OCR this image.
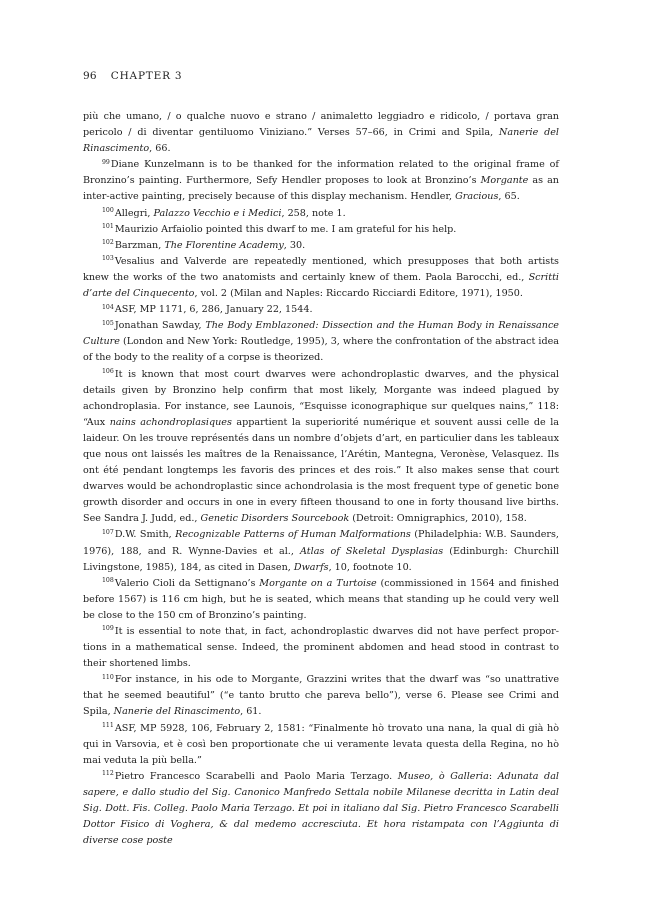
96 CHAPTER 3

più che umano, / o qualche nuovo e strano / animaletto leggiadro e ridicolo, / portava gran pericolo / di diventar gentiluomo Viniziano.” Verses 57–66, in Crimi and Spila, Nanerie del Rinascimento, 66.

$^{99}$Diane Kunzelmann is to be thanked for the information related to the original frame of Bronzino’s painting. Furthermore, Sefy Hendler proposes to look at Bronzino’s Morgante as an inter-active painting, precisely because of this display mechanism. Hendler, Gracious, 65.

$^{100}$Allegri, Palazzo Vecchio e i Medici, 258, note 1.

$^{101}$Maurizio Arfaiolio pointed this dwarf to me. I am grateful for his help.

$^{102}$Barzman, The Florentine Academy, 30.

$^{103}$Vesalius and Valverde are repeatedly mentioned, which presupposes that both artists knew the works of the two anatomists and certainly knew of them. Paola Barocchi, ed., Scritti d’arte del Cinquecento, vol. 2 (Milan and Naples: Riccardo Ricciardi Editore, 1971), 1950.

$^{104}$ASF, MP 1171, 6, 286, January 22, 1544.

$^{105}$Jonathan Sawday, The Body Emblazoned: Dissection and the Human Body in Renaissance Culture (London and New York: Routledge, 1995), 3, where the confrontation of the abstract idea of the body to the reality of a corpse is theorized.

$^{106}$It is known that most court dwarves were achondroplastic dwarves, and the physical details given by Bronzino help confirm that most likely, Morgante was indeed plagued by achondroplasia. For instance, see Launois, “Esquisse iconographique sur quelques nains,” 118: “Aux nains achondroplasiques appartient la superiorité numérique et souvent aussi celle de la laideur. On les trouve représentés dans un nombre d’objets d’art, en particulier dans les tableaux que nous ont laissés les maîtres de la Renaissance, l’Arétin, Mantegna, Veronèse, Velasquez. Ils ont été pendant longtemps les favoris des princes et des rois.” It also makes sense that court dwarves would be achondroplastic since achondrolasia is the most frequent type of genetic bone growth disorder and occurs in one in every fifteen thousand to one in forty thousand live births. See Sandra J. Judd, ed., Genetic Disorders Sourcebook (Detroit: Omnigraphics, 2010), 158.

$^{107}$D.W. Smith, Recognizable Patterns of Human Malformations (Philadelphia: W.B. Saunders, 1976), 188, and R. Wynne-Davies et al., Atlas of Skeletal Dysplasias (Edinburgh: Churchill Livingstone, 1985), 184, as cited in Dasen, Dwarfs, 10, footnote 10.

$^{108}$Valerio Cioli da Settignano’s Morgante on a Turtoise (commissioned in 1564 and finished before 1567) is 116 cm high, but he is seated, which means that standing up he could very well be close to the 150 cm of Bronzino’s painting.

$^{109}$It is essential to note that, in fact, achondroplastic dwarves did not have perfect proportions in a mathematical sense. Indeed, the prominent abdomen and head stood in contrast to their shortened limbs.

$^{110}$For instance, in his ode to Morgante, Grazzini writes that the dwarf was “so unattrative that he seemed beautiful” (“e tanto brutto che pareva bello”), verse 6. Please see Crimi and Spila, Nanerie del Rinascimento, 61.

$^{111}$ASF, MP 5928, 106, February 2, 1581: “Finalmente hò trovato una nana, la qual di già hò qui in Varsovia, et è così ben proportionate che ui veramente levata questa della Regina, no hò mai veduta la più bella.”

$^{112}$Pietro Francesco Scarabelli and Paolo Maria Terzago. Museo, ò Galleria: Adunata dal sapere, e dallo studio del Sig. Canonico Manfredo Settala nobile Milanese decritta in Latin deal Sig. Dott. Fis. Colleg. Paolo Maria Terzago. Et poi in italiano dal Sig. Pietro Francesco Scarabelli Dottor Fisico di Voghera, & dal medemo accresciuta. Et hora ristampata con l’Aggiunta di diverse cose poste
